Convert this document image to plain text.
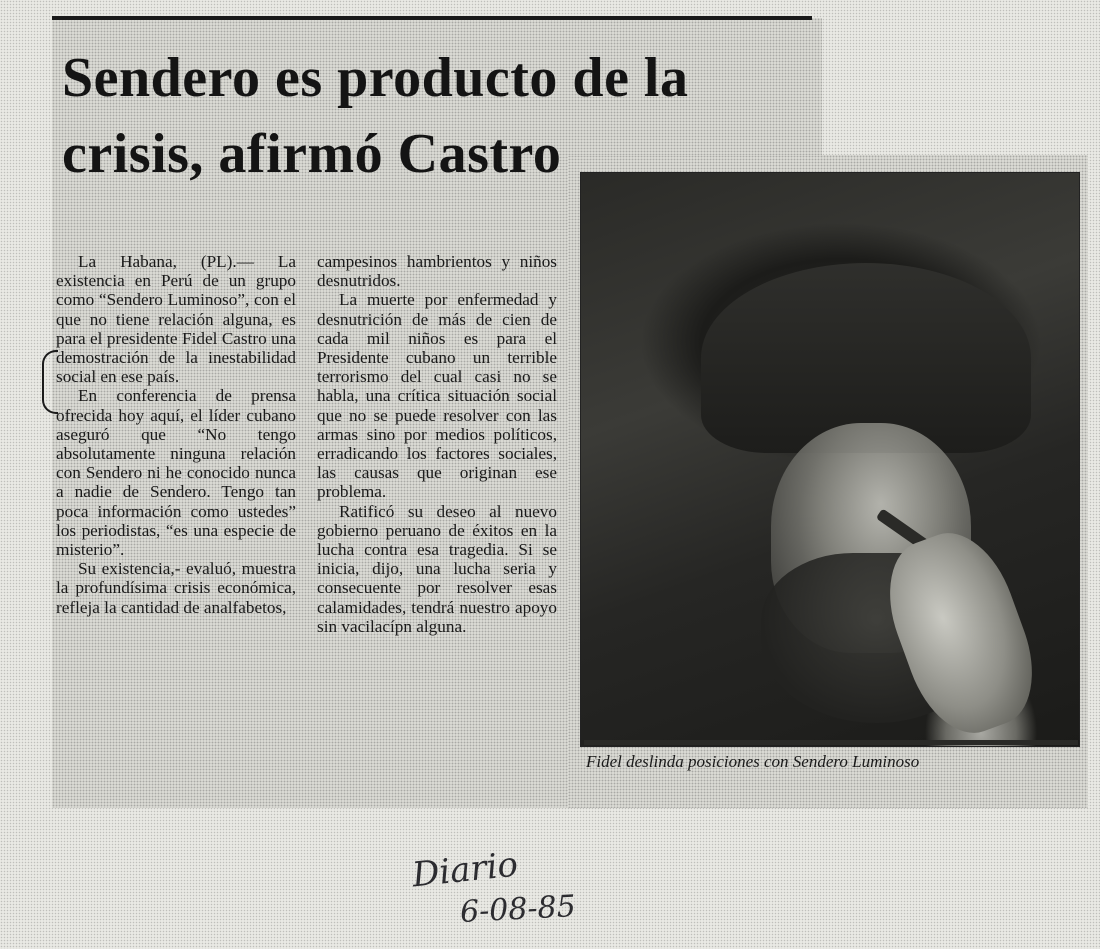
Sendero es producto de la crisis, afirmó Castro

La Habana, (PL).— La existencia en Perú de un grupo como “Sendero Luminoso”, con el que no tiene relación alguna, es para el presidente Fidel Castro una demostración de la inestabilidad social en ese país.

En conferencia de prensa ofrecida hoy aquí, el líder cubano aseguró que “No tengo absolutamente ninguna relación con Sendero ni he conocido nunca a nadie de Sendero. Tengo tan poca información como ustedes” los periodistas, “es una especie de misterio”.

Su existencia,- evaluó, muestra la profundísima crisis económica, refleja la cantidad de analfabetos,

campesinos hambrientos y niños desnutridos.

La muerte por enfermedad y desnutrición de más de cien de cada mil niños es para el Presidente cubano un terrible terrorismo del cual casi no se habla, una crítica situación social que no se puede resolver con las armas sino por medios políticos, erradicando los factores sociales, las causas que originan ese problema.

Ratificó su deseo al nuevo gobierno peruano de éxitos en la lucha contra esa tragedia. Si se inicia, dijo, una lucha seria y consecuente por resolver esas calamidades, tendrá nuestro apoyo sin vacilacípn alguna.

Fidel deslinda posiciones con Sendero Luminoso
Diario
6-08-85
